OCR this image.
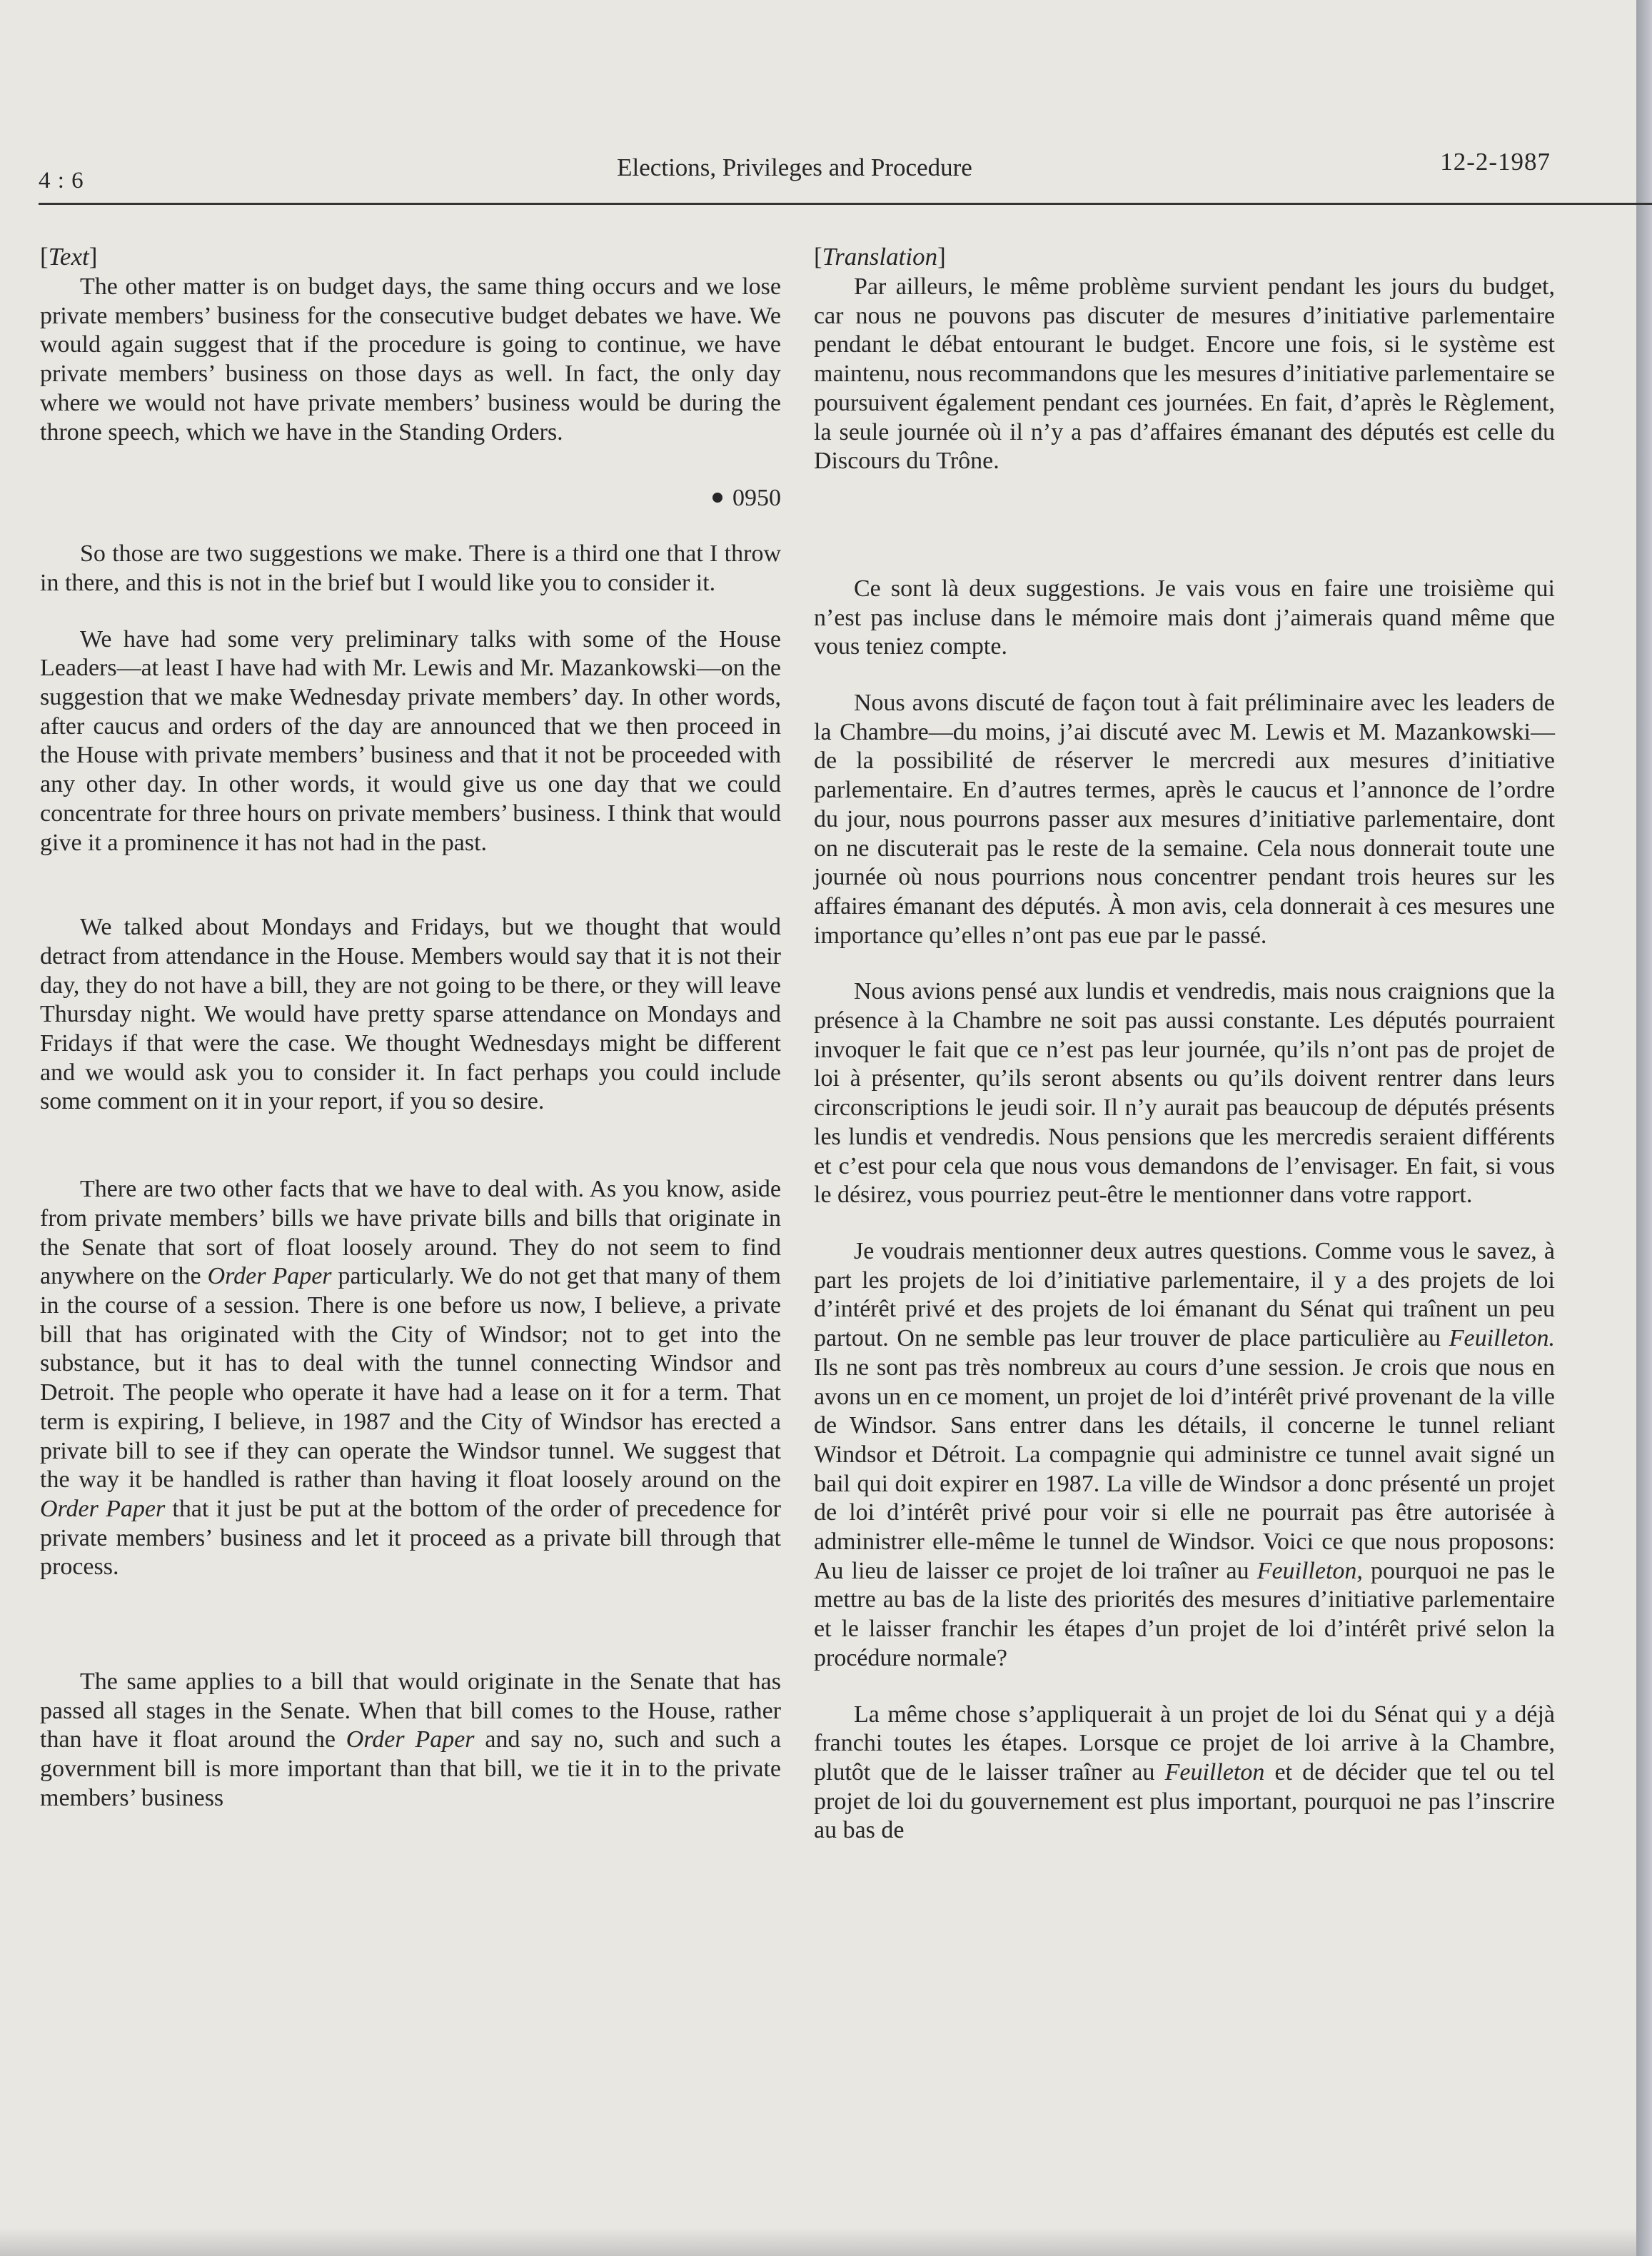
4 : 6	Elections, Privileges and Procedure	12-2-1987
[Text]

The other matter is on budget days, the same thing occurs and we lose private members’ business for the consecutive budget debates we have. We would again suggest that if the procedure is going to continue, we have private members’ business on those days as well. In fact, the only day where we would not have private members’ business would be during the throne speech, which we have in the Standing Orders.

0950

So those are two suggestions we make. There is a third one that I throw in there, and this is not in the brief but I would like you to consider it.

We have had some very preliminary talks with some of the House Leaders—at least I have had with Mr. Lewis and Mr. Mazankowski—on the suggestion that we make Wednesday private members’ day. In other words, after caucus and orders of the day are announced that we then proceed in the House with private members’ business and that it not be proceeded with any other day. In other words, it would give us one day that we could concentrate for three hours on private members’ business. I think that would give it a prominence it has not had in the past.

We talked about Mondays and Fridays, but we thought that would detract from attendance in the House. Members would say that it is not their day, they do not have a bill, they are not going to be there, or they will leave Thursday night. We would have pretty sparse attendance on Mondays and Fridays if that were the case. We thought Wednesdays might be different and we would ask you to consider it. In fact perhaps you could include some comment on it in your report, if you so desire.

There are two other facts that we have to deal with. As you know, aside from private members’ bills we have private bills and bills that originate in the Senate that sort of float loosely around. They do not seem to find anywhere on the Order Paper particularly. We do not get that many of them in the course of a session. There is one before us now, I believe, a private bill that has originated with the City of Windsor; not to get into the substance, but it has to deal with the tunnel connecting Windsor and Detroit. The people who operate it have had a lease on it for a term. That term is expiring, I believe, in 1987 and the City of Windsor has erected a private bill to see if they can operate the Windsor tunnel. We suggest that the way it be handled is rather than having it float loosely around on the Order Paper that it just be put at the bottom of the order of precedence for private members’ business and let it proceed as a private bill through that process.

The same applies to a bill that would originate in the Senate that has passed all stages in the Senate. When that bill comes to the House, rather than have it float around the Order Paper and say no, such and such a government bill is more important than that bill, we tie it in to the private members’ business

[Translation]

Par ailleurs, le même problème survient pendant les jours du budget, car nous ne pouvons pas discuter de mesures d’initiative parlementaire pendant le débat entourant le budget. Encore une fois, si le système est maintenu, nous recommandons que les mesures d’initiative parlementaire se poursuivent également pendant ces journées. En fait, d’après le Règlement, la seule journée où il n’y a pas d’affaires émanant des députés est celle du Discours du Trône.

Ce sont là deux suggestions. Je vais vous en faire une troisième qui n’est pas incluse dans le mémoire mais dont j’aimerais quand même que vous teniez compte.

Nous avons discuté de façon tout à fait préliminaire avec les leaders de la Chambre—du moins, j’ai discuté avec M. Lewis et M. Mazankowski—de la possibilité de réserver le mercredi aux mesures d’initiative parlementaire. En d’autres termes, après le caucus et l’annonce de l’ordre du jour, nous pourrons passer aux mesures d’initiative parlementaire, dont on ne discuterait pas le reste de la semaine. Cela nous donnerait toute une journée où nous pourrions nous concentrer pendant trois heures sur les affaires émanant des députés. À mon avis, cela donnerait à ces mesures une importance qu’elles n’ont pas eue par le passé.

Nous avions pensé aux lundis et vendredis, mais nous craignions que la présence à la Chambre ne soit pas aussi constante. Les députés pourraient invoquer le fait que ce n’est pas leur journée, qu’ils n’ont pas de projet de loi à présenter, qu’ils seront absents ou qu’ils doivent rentrer dans leurs circonscriptions le jeudi soir. Il n’y aurait pas beaucoup de députés présents les lundis et vendredis. Nous pensions que les mercredis seraient différents et c’est pour cela que nous vous demandons de l’envisager. En fait, si vous le désirez, vous pourriez peut-être le mentionner dans votre rapport.

Je voudrais mentionner deux autres questions. Comme vous le savez, à part les projets de loi d’initiative parlementaire, il y a des projets de loi d’intérêt privé et des projets de loi émanant du Sénat qui traînent un peu partout. On ne semble pas leur trouver de place particulière au Feuilleton. Ils ne sont pas très nombreux au cours d’une session. Je crois que nous en avons un en ce moment, un projet de loi d’intérêt privé provenant de la ville de Windsor. Sans entrer dans les détails, il concerne le tunnel reliant Windsor et Détroit. La compagnie qui administre ce tunnel avait signé un bail qui doit expirer en 1987. La ville de Windsor a donc présenté un projet de loi d’intérêt privé pour voir si elle ne pourrait pas être autorisée à administrer elle-même le tunnel de Windsor. Voici ce que nous proposons: Au lieu de laisser ce projet de loi traîner au Feuilleton, pourquoi ne pas le mettre au bas de la liste des priorités des mesures d’initiative parlementaire et le laisser franchir les étapes d’un projet de loi d’intérêt privé selon la procédure normale?

La même chose s’appliquerait à un projet de loi du Sénat qui y a déjà franchi toutes les étapes. Lorsque ce projet de loi arrive à la Chambre, plutôt que de le laisser traîner au Feuilleton et de décider que tel ou tel projet de loi du gouvernement est plus important, pourquoi ne pas l’inscrire au bas de
